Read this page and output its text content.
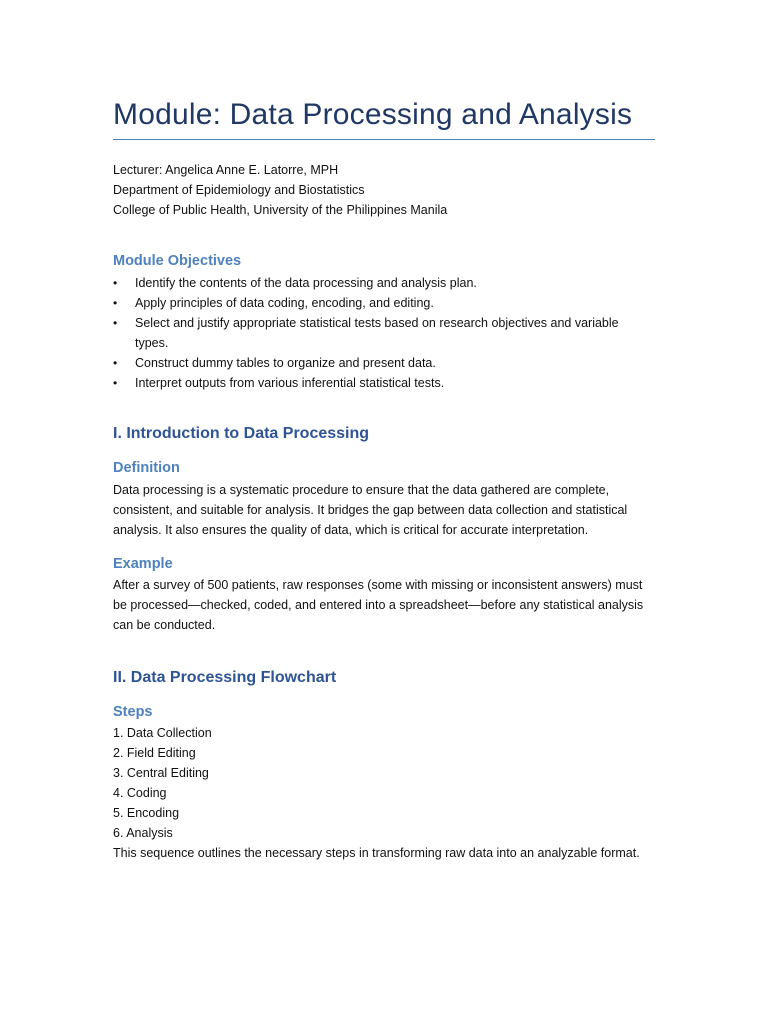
Module: Data Processing and Analysis
Lecturer: Angelica Anne E. Latorre, MPH
Department of Epidemiology and Biostatistics
College of Public Health, University of the Philippines Manila
Module Objectives
• Identify the contents of the data processing and analysis plan.
• Apply principles of data coding, encoding, and editing.
• Select and justify appropriate statistical tests based on research objectives and variable types.
• Construct dummy tables to organize and present data.
• Interpret outputs from various inferential statistical tests.
I. Introduction to Data Processing
Definition

Data processing is a systematic procedure to ensure that the data gathered are complete, consistent, and suitable for analysis. It bridges the gap between data collection and statistical analysis. It also ensures the quality of data, which is critical for accurate interpretation.

Example

After a survey of 500 patients, raw responses (some with missing or inconsistent answers) must be processed—checked, coded, and entered into a spreadsheet—before any statistical analysis can be conducted.

II. Data Processing Flowchart
Steps
1. Data Collection
2. Field Editing
3. Central Editing
4. Coding
5. Encoding
6. Analysis
This sequence outlines the necessary steps in transforming raw data into an analyzable format.
